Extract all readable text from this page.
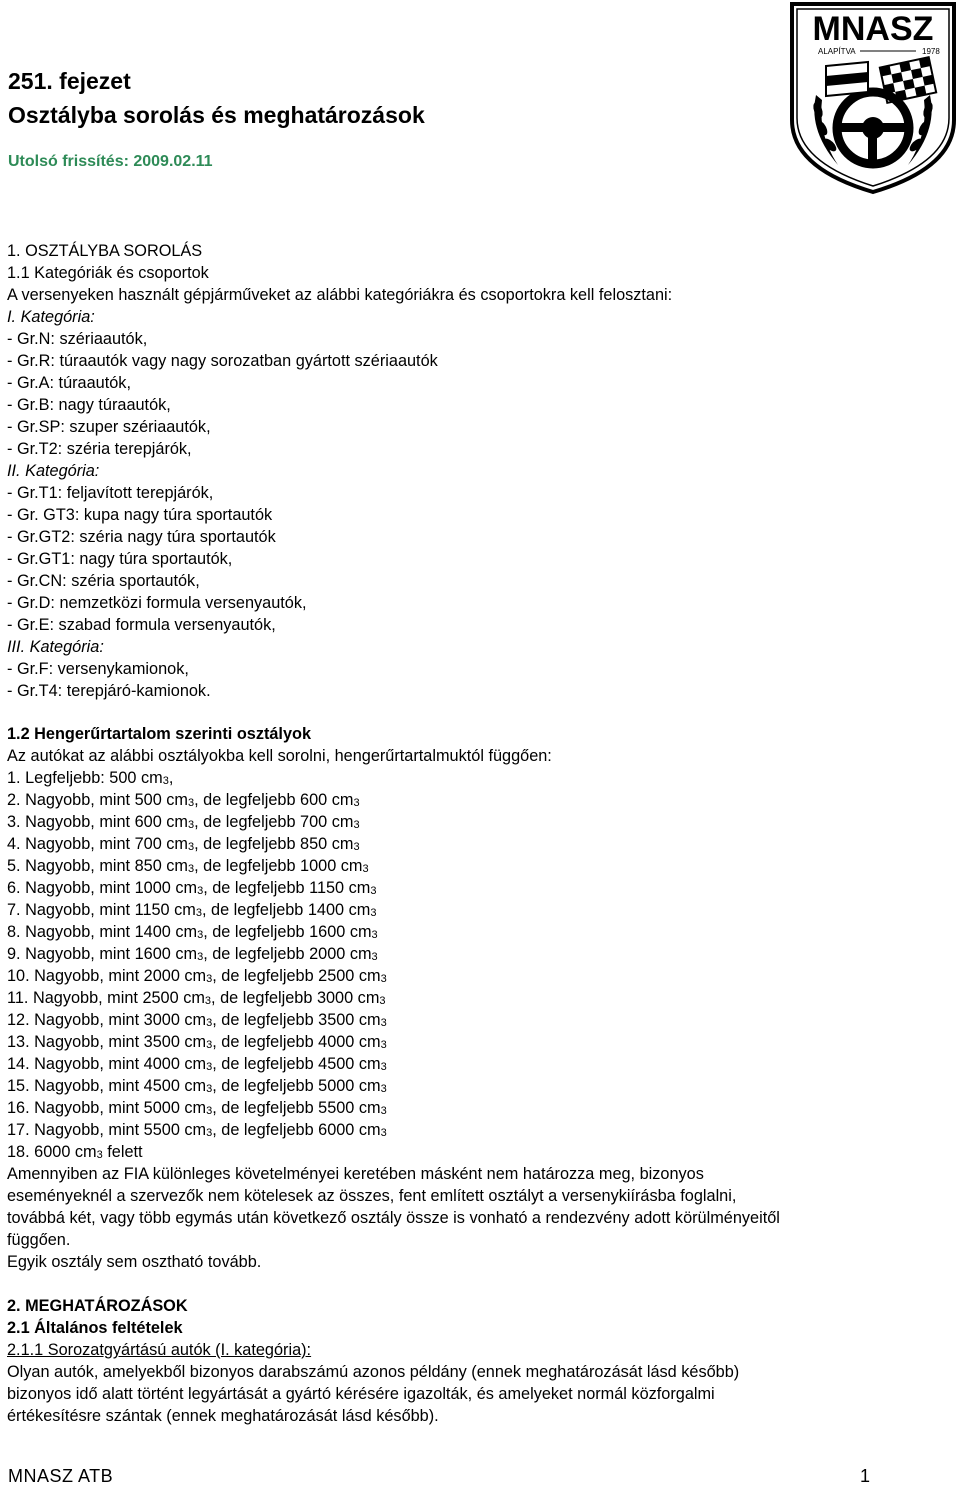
251. fejezet
Osztályba sorolás és meghatározások
Utolsó frissítés: 2009.02.11
MNASZ
ALAPÍTVA	1978
1. OSZTÁLYBA SOROLÁS
1.1 Kategóriák és csoportok
A versenyeken használt gépjárműveket az alábbi kategóriákra és csoportokra kell felosztani:
I. Kategória:
- Gr.N: szériaautók,
- Gr.R: túraautók vagy nagy sorozatban gyártott szériaautók
- Gr.A: túraautók,
- Gr.B: nagy túraautók,
- Gr.SP: szuper szériaautók,
- Gr.T2: széria terepjárók,
II. Kategória:
- Gr.T1: feljavított terepjárók,
- Gr. GT3: kupa nagy túra sportautók
- Gr.GT2: széria nagy túra sportautók
- Gr.GT1: nagy túra sportautók,
- Gr.CN: széria sportautók,
- Gr.D: nemzetközi formula versenyautók,
- Gr.E: szabad formula versenyautók,
III. Kategória:
- Gr.F: versenykamionok,
- Gr.T4: terepjáró-kamionok.
1.2 Hengerűrtartalom szerinti osztályok
Az autókat az alábbi osztályokba kell sorolni, hengerűrtartalmuktól függően:
1. Legfeljebb: 500 $cm_3$,
2. Nagyobb, mint 500 $cm_3$, de legfeljebb 600 $cm_3$
3. Nagyobb, mint 600 $cm_3$, de legfeljebb 700 $cm_3$
4. Nagyobb, mint 700 $cm_3$, de legfeljebb 850 $cm_3$
5. Nagyobb, mint 850 $cm_3$, de legfeljebb 1000 $cm_3$
6. Nagyobb, mint 1000 $cm_3$, de legfeljebb 1150 $cm_3$
7. Nagyobb, mint 1150 $cm_3$, de legfeljebb 1400 $cm_3$
8. Nagyobb, mint 1400 $cm_3$, de legfeljebb 1600 $cm_3$
9. Nagyobb, mint 1600 $cm_3$, de legfeljebb 2000 $cm_3$
10. Nagyobb, mint 2000 $cm_3$, de legfeljebb 2500 $cm_3$
11. Nagyobb, mint 2500 $cm_3$, de legfeljebb 3000 $cm_3$
12. Nagyobb, mint 3000 $cm_3$, de legfeljebb 3500 $cm_3$
13. Nagyobb, mint 3500 $cm_3$, de legfeljebb 4000 $cm_3$
14. Nagyobb, mint 4000 $cm_3$, de legfeljebb 4500 $cm_3$
15. Nagyobb, mint 4500 $cm_3$, de legfeljebb 5000 $cm_3$
16. Nagyobb, mint 5000 $cm_3$, de legfeljebb 5500 $cm_3$
17. Nagyobb, mint 5500 $cm_3$, de legfeljebb 6000 $cm_3$
18. 6000 $cm_3$ felett
Amennyiben az FIA különleges követelményei keretében másként nem határozza meg, bizonyos
eseményeknél a szervezők nem kötelesek az összes, fent említett osztályt a versenykiírásba foglalni,
továbbá két, vagy több egymás után következő osztály össze is vonható a rendezvény adott körülményeitől
függően.
Egyik osztály sem osztható tovább.
2. MEGHATÁROZÁSOK
2.1 Általános feltételek
2.1.1 Sorozatgyártású autók (I. kategória):
Olyan autók, amelyekből bizonyos darabszámú azonos példány (ennek meghatározását lásd később)
bizonyos idő alatt történt legyártását a gyártó kérésére igazolták, és amelyeket normál közforgalmi
értékesítésre szántak (ennek meghatározását lásd később).
MNASZ ATB	1
